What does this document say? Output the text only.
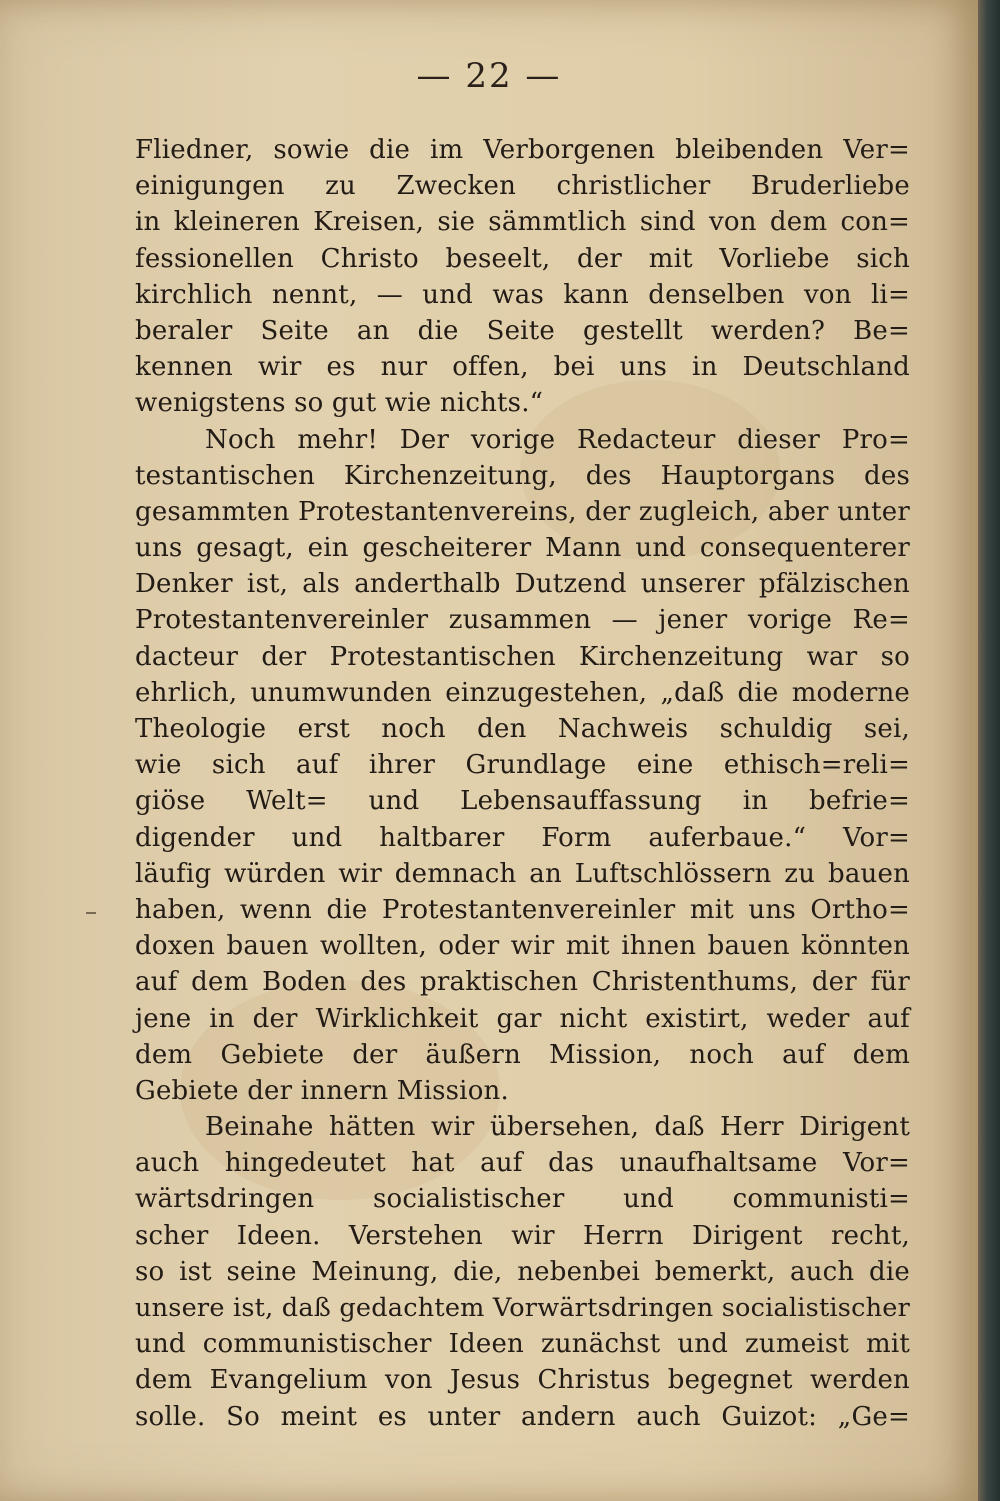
— 22 —
Fliedner, sowie die im Verborgenen bleibenden Ver=
einigungen zu Zwecken christlicher Bruderliebe
in kleineren Kreisen, sie sämmtlich sind von dem con=
fessionellen Christo beseelt, der mit Vorliebe sich
kirchlich nennt, — und was kann denselben von li=
beraler Seite an die Seite gestellt werden? Be=
kennen wir es nur offen, bei uns in Deutschland
wenigstens so gut wie nichts.“
Noch mehr! Der vorige Redacteur dieser Pro=
testantischen Kirchenzeitung, des Hauptorgans des
gesammten Protestantenvereins, der zugleich, aber unter
uns gesagt, ein gescheiterer Mann und consequenterer
Denker ist, als anderthalb Dutzend unserer pfälzischen
Protestantenvereinler zusammen — jener vorige Re=
dacteur der Protestantischen Kirchenzeitung war so
ehrlich, unumwunden einzugestehen, „daß die moderne
Theologie erst noch den Nachweis schuldig sei,
wie sich auf ihrer Grundlage eine ethisch=reli=
giöse Welt= und Lebensauffassung in befrie=
digender und haltbarer Form auferbaue.“ Vor=
läufig würden wir demnach an Luftschlössern zu bauen
haben, wenn die Protestantenvereinler mit uns Ortho=
doxen bauen wollten, oder wir mit ihnen bauen könnten
auf dem Boden des praktischen Christenthums, der für
jene in der Wirklichkeit gar nicht existirt, weder auf
dem Gebiete der äußern Mission, noch auf dem
Gebiete der innern Mission.
Beinahe hätten wir übersehen, daß Herr Dirigent
auch hingedeutet hat auf das unaufhaltsame Vor=
wärtsdringen socialistischer und communisti=
scher Ideen. Verstehen wir Herrn Dirigent recht,
so ist seine Meinung, die, nebenbei bemerkt, auch die
unsere ist, daß gedachtem Vorwärtsdringen socialistischer
und communistischer Ideen zunächst und zumeist mit
dem Evangelium von Jesus Christus begegnet werden
solle. So meint es unter andern auch Guizot: „Ge=
